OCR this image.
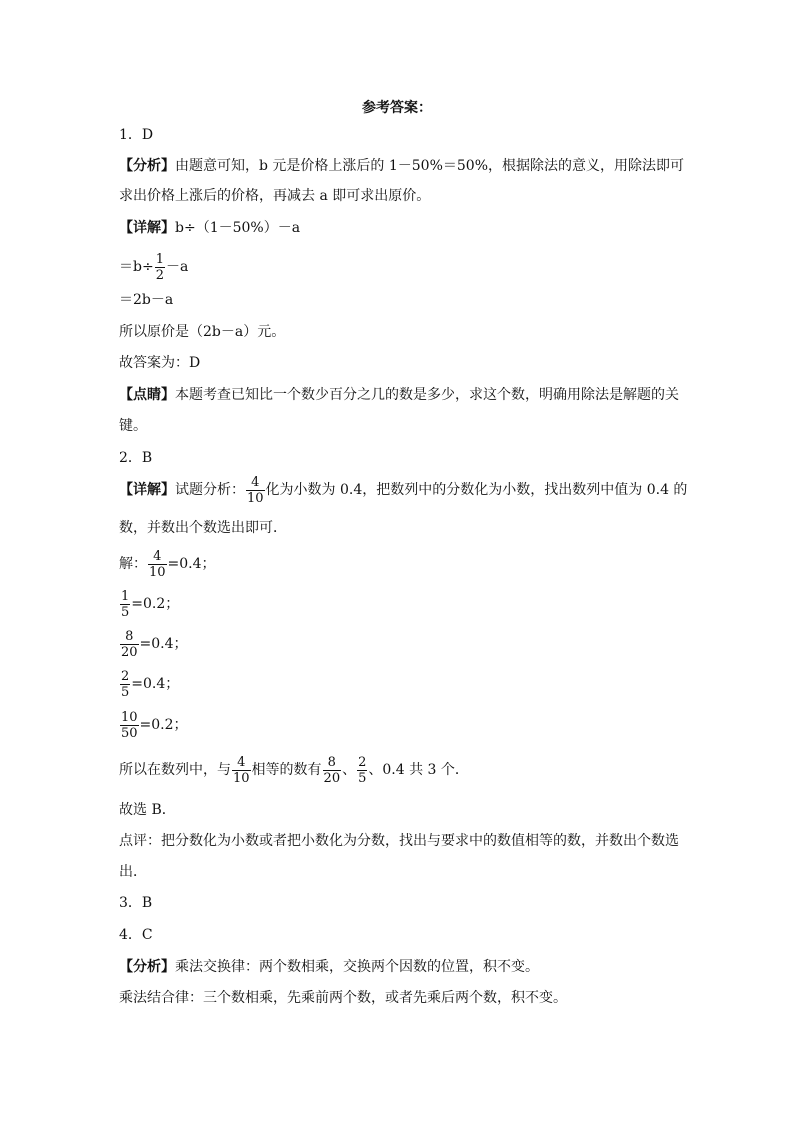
参考答案：
1．D
【分析】由题意可知，b 元是价格上涨后的 1－50%＝50%，根据除法的意义，用除法即可
求出价格上涨后的价格，再减去 a 即可求出原价。
【详解】b÷（1－50%）－a
$=b\div \frac{1}{2} -a$
＝2b－a
所以原价是（2b－a）元。
故答案为：D
【点睛】本题考查已知比一个数少百分之几的数是多少，求这个数，明确用除法是解题的关
键。
2．B
【详解】试题分析： $\frac{4}{10}$ 化为小数为 0.4，把数列中的分数化为小数，找出数列中值为 0.4 的
数，并数出个数选出即可．
解： $\frac{4}{10} =0.4$；
$\frac{1}{5} =0.2$；
$\frac{8}{20} =0.4$；
$\frac{2}{5} =0.4$；
$\frac{10}{50} =0.2$；
所以在数列中，与 $\frac{4}{10}$ 相等的数有 $\frac{8}{20}$ 、 $\frac{2}{5}$ 、0.4 共 3 个．
故选 B．
点评：把分数化为小数或者把小数化为分数，找出与要求中的数值相等的数，并数出个数选
出．
3．B
4．C
【分析】乘法交换律：两个数相乘，交换两个因数的位置，积不变。
乘法结合律：三个数相乘，先乘前两个数，或者先乘后两个数，积不变。
